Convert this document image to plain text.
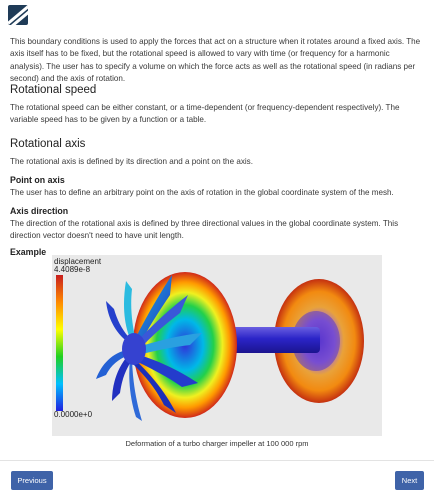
This boundary conditions is used to apply the forces that act on a structure when it rotates around a fixed axis. The axis itself has to be fixed, but the rotational speed is allowed to vary with time (or frequency for a harmonic analysis). The user has to specify a volume on which the force acts as well as the rotational speed (in radians per second) and the axis of rotation.

Rotational speed

The rotational speed can be either constant, or a time-dependent (or frequency-dependent respectively). The variable speed has to be given by a function or a table.

Rotational axis

The rotational axis is defined by its direction and a point on the axis.

Point on axis

The user has to define an arbitrary point on the axis of rotation in the global coordinate system of the mesh.

Axis direction

The direction of the rotational axis is defined by three directional values in the global coordinate system. This direction vector doesn't need to have unit length.

Example
displacement
4.4089e-8
0.0000e+0
Deformation of a turbo charger impeller at 100 000 rpm
Previous	Next
